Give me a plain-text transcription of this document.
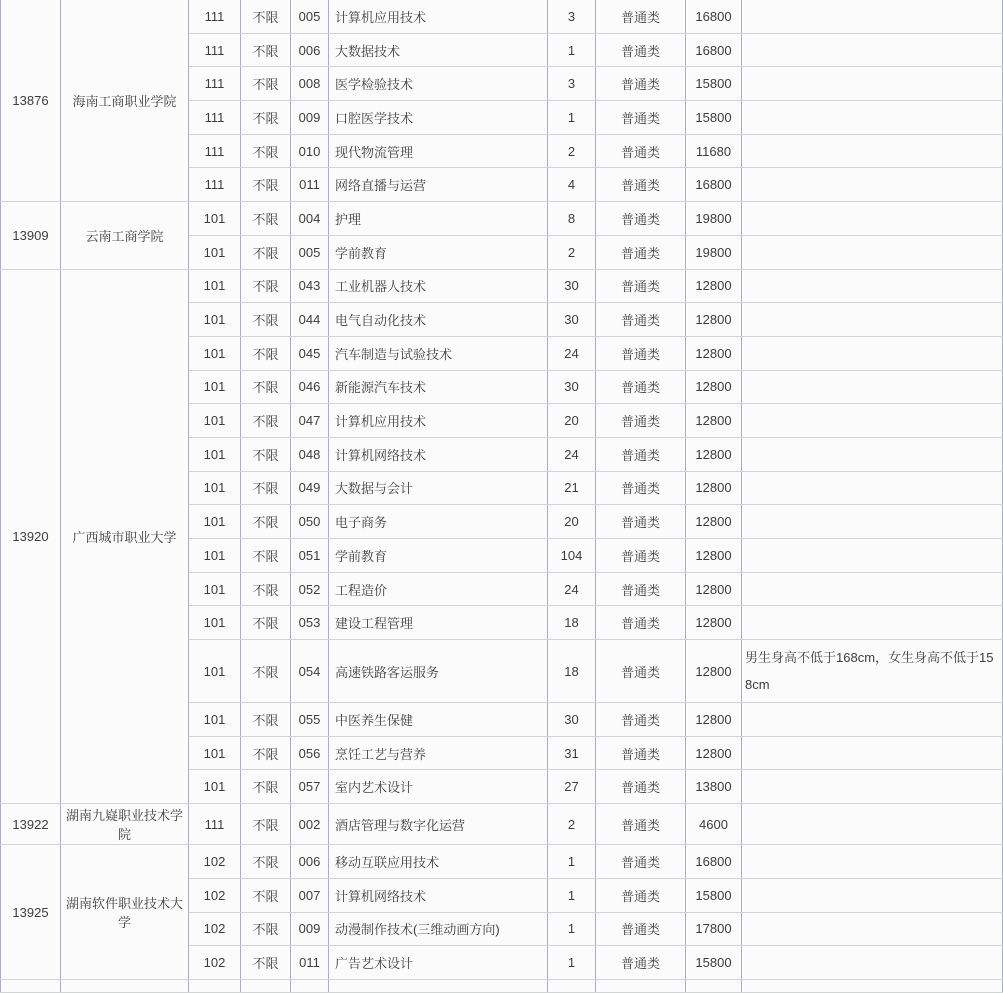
13876	海南工商职业学院	111	不限	005	计算机应用技术	3	普通类	16800	
		111	不限	006	大数据技术	1	普通类	16800	
		111	不限	008	医学检验技术	3	普通类	15800	
		111	不限	009	口腔医学技术	1	普通类	15800	
		111	不限	010	现代物流管理	2	普通类	11680	
		111	不限	011	网络直播与运营	4	普通类	16800	
13909	云南工商学院	101	不限	004	护理	8	普通类	19800	
		101	不限	005	学前教育	2	普通类	19800	
13920	广西城市职业大学	101	不限	043	工业机器人技术	30	普通类	12800	
		101	不限	044	电气自动化技术	30	普通类	12800	
		101	不限	045	汽车制造与试验技术	24	普通类	12800	
		101	不限	046	新能源汽车技术	30	普通类	12800	
		101	不限	047	计算机应用技术	20	普通类	12800	
		101	不限	048	计算机网络技术	24	普通类	12800	
		101	不限	049	大数据与会计	21	普通类	12800	
		101	不限	050	电子商务	20	普通类	12800	
		101	不限	051	学前教育	104	普通类	12800	
		101	不限	052	工程造价	24	普通类	12800	
		101	不限	053	建设工程管理	18	普通类	12800	
		101	不限	054	高速铁路客运服务	18	普通类	12800	男生身高不低于168cm，女生身高不低于158cm
		101	不限	055	中医养生保健	30	普通类	12800	
		101	不限	056	烹饪工艺与营养	31	普通类	12800	
		101	不限	057	室内艺术设计	27	普通类	13800	
13922	湖南九嶷职业技术学院	111	不限	002	酒店管理与数字化运营	2	普通类	4600	
13925	湖南软件职业技术大学	102	不限	006	移动互联应用技术	1	普通类	16800	
		102	不限	007	计算机网络技术	1	普通类	15800	
		102	不限	009	动漫制作技术(三维动画方向)	1	普通类	17800	
		102	不限	011	广告艺术设计	1	普通类	15800	
